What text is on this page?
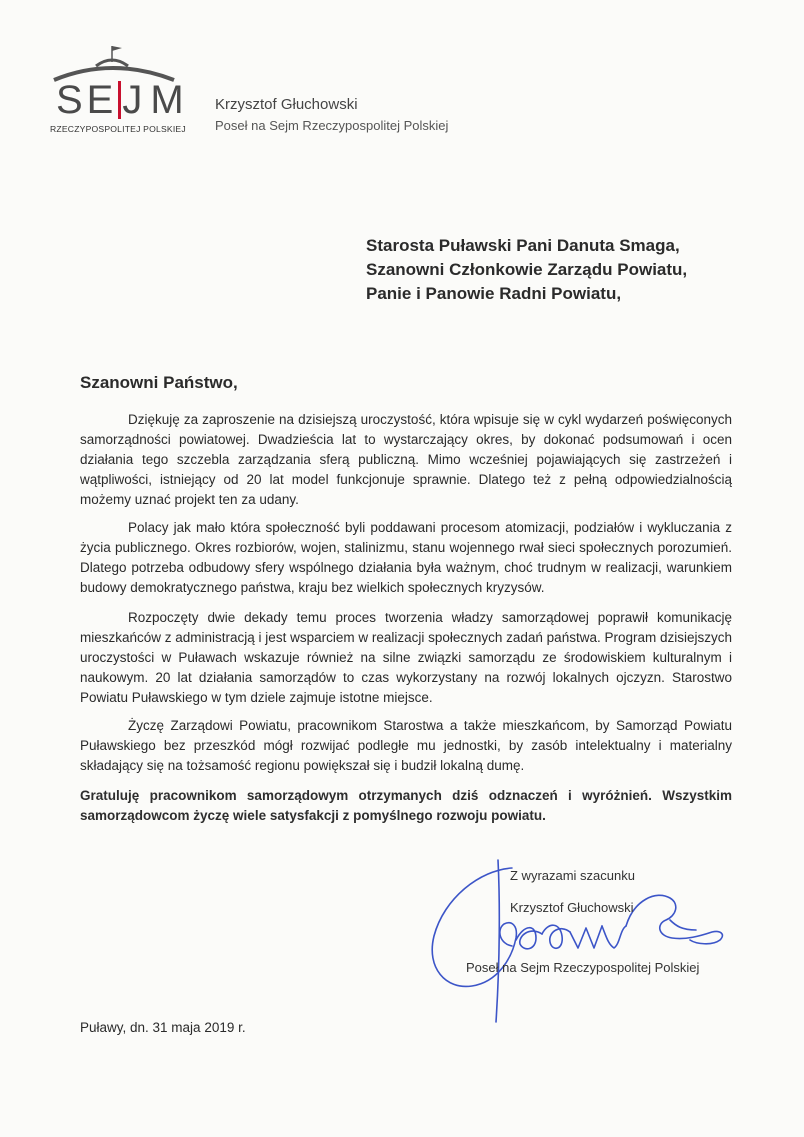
SE J M
RZECZYPOSPOLITEJ POLSKIEJ
Krzysztof Głuchowski
Poseł na Sejm Rzeczypospolitej Polskiej
Starosta Puławski Pani Danuta Smaga,
Szanowni Członkowie Zarządu Powiatu,
Panie i Panowie Radni Powiatu,
Szanowni Państwo,

Dziękuję za zaproszenie na dzisiejszą uroczystość, która wpisuje się w cykl wydarzeń poświęconych samorządności powiatowej. Dwadzieścia lat to wystarczający okres, by dokonać podsumowań i ocen działania tego szczebla zarządzania sferą publiczną. Mimo wcześniej pojawiających się zastrzeżeń i wątpliwości, istniejący od 20 lat model funkcjonuje sprawnie. Dlatego też z pełną odpowiedzialnością możemy uznać projekt ten za udany.

Polacy jak mało która społeczność byli poddawani procesom atomizacji, podziałów i wykluczania z życia publicznego. Okres rozbiorów, wojen, stalinizmu, stanu wojennego rwał sieci społecznych porozumień. Dlatego potrzeba odbudowy sfery wspólnego działania była ważnym, choć trudnym w realizacji, warunkiem budowy demokratycznego państwa, kraju bez wielkich społecznych kryzysów.

Rozpoczęty dwie dekady temu proces tworzenia władzy samorządowej poprawił komunikację mieszkańców z administracją i jest wsparciem w realizacji społecznych zadań państwa. Program dzisiejszych uroczystości w Puławach wskazuje również na silne związki samorządu ze środowiskiem kulturalnym i naukowym. 20 lat działania samorządów to czas wykorzystany na rozwój lokalnych ojczyzn. Starostwo Powiatu Puławskiego w tym dziele zajmuje istotne miejsce.

Życzę Zarządowi Powiatu, pracownikom Starostwa a także mieszkańcom, by Samorząd Powiatu Puławskiego bez przeszkód mógł rozwijać podległe mu jednostki, by zasób intelektualny i materialny składający się na tożsamość regionu powiększał się i budził lokalną dumę.

Gratuluję pracownikom samorządowym otrzymanych dziś odznaczeń i wyróżnień. Wszystkim samorządowcom życzę wiele satysfakcji z pomyślnego rozwoju powiatu.

Z wyrazami szacunku
Krzysztof Głuchowski
Poseł na Sejm Rzeczypospolitej Polskiej
Puławy, dn. 31 maja 2019 r.
